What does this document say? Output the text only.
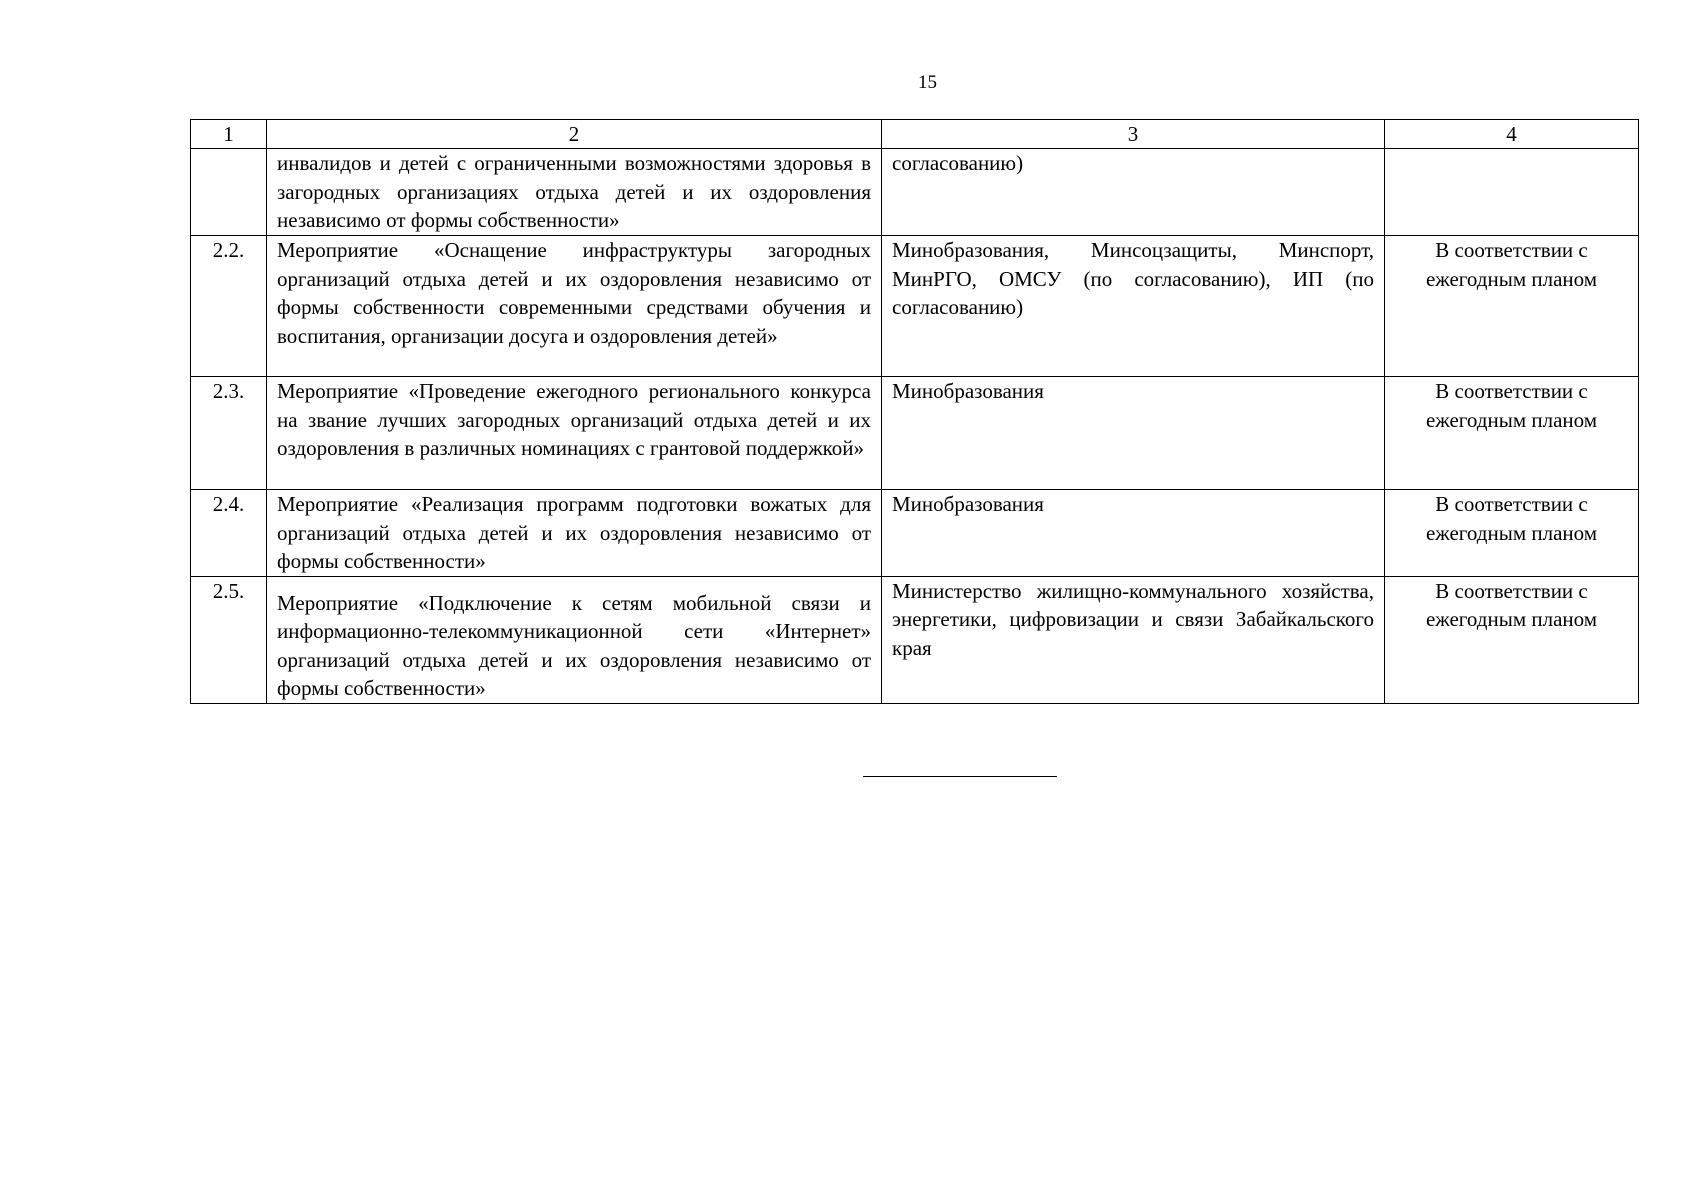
15
1	2	3	4
	инвалидов и детей с ограниченными возможностями здоровья в загородных организациях отдыха детей и их оздоровления независимо от формы собственности»	согласованию)	
2.2.	Мероприятие «Оснащение инфраструктуры загородных организаций отдыха детей и их оздоровления независимо от формы собственности современными средствами обучения и воспитания, организации досуга и оздоровления детей»	Минобразования, Минсоцзащиты, Минспорт, МинРГО, ОМСУ (по согласованию), ИП (по согласованию)	В соответствии с ежегодным планом
2.3.	Мероприятие «Проведение ежегодного регионального конкурса на звание лучших загородных организаций отдыха детей и их оздоровления в различных номинациях с грантовой поддержкой»	Минобразования	В соответствии с ежегодным планом
2.4.	Мероприятие «Реализация программ подготовки вожатых для организаций отдыха детей и их оздоровления независимо от формы собственности»	Минобразования	В соответствии с ежегодным планом
2.5.	Мероприятие «Подключение к сетям мобильной связи и информационно-телекоммуникационной сети «Интернет» организаций отдыха детей и их оздоровления независимо от формы собственности»	Министерство жилищно-коммунального хозяйства, энергетики, цифровизации и связи Забайкальского края	В соответствии с ежегодным планом
